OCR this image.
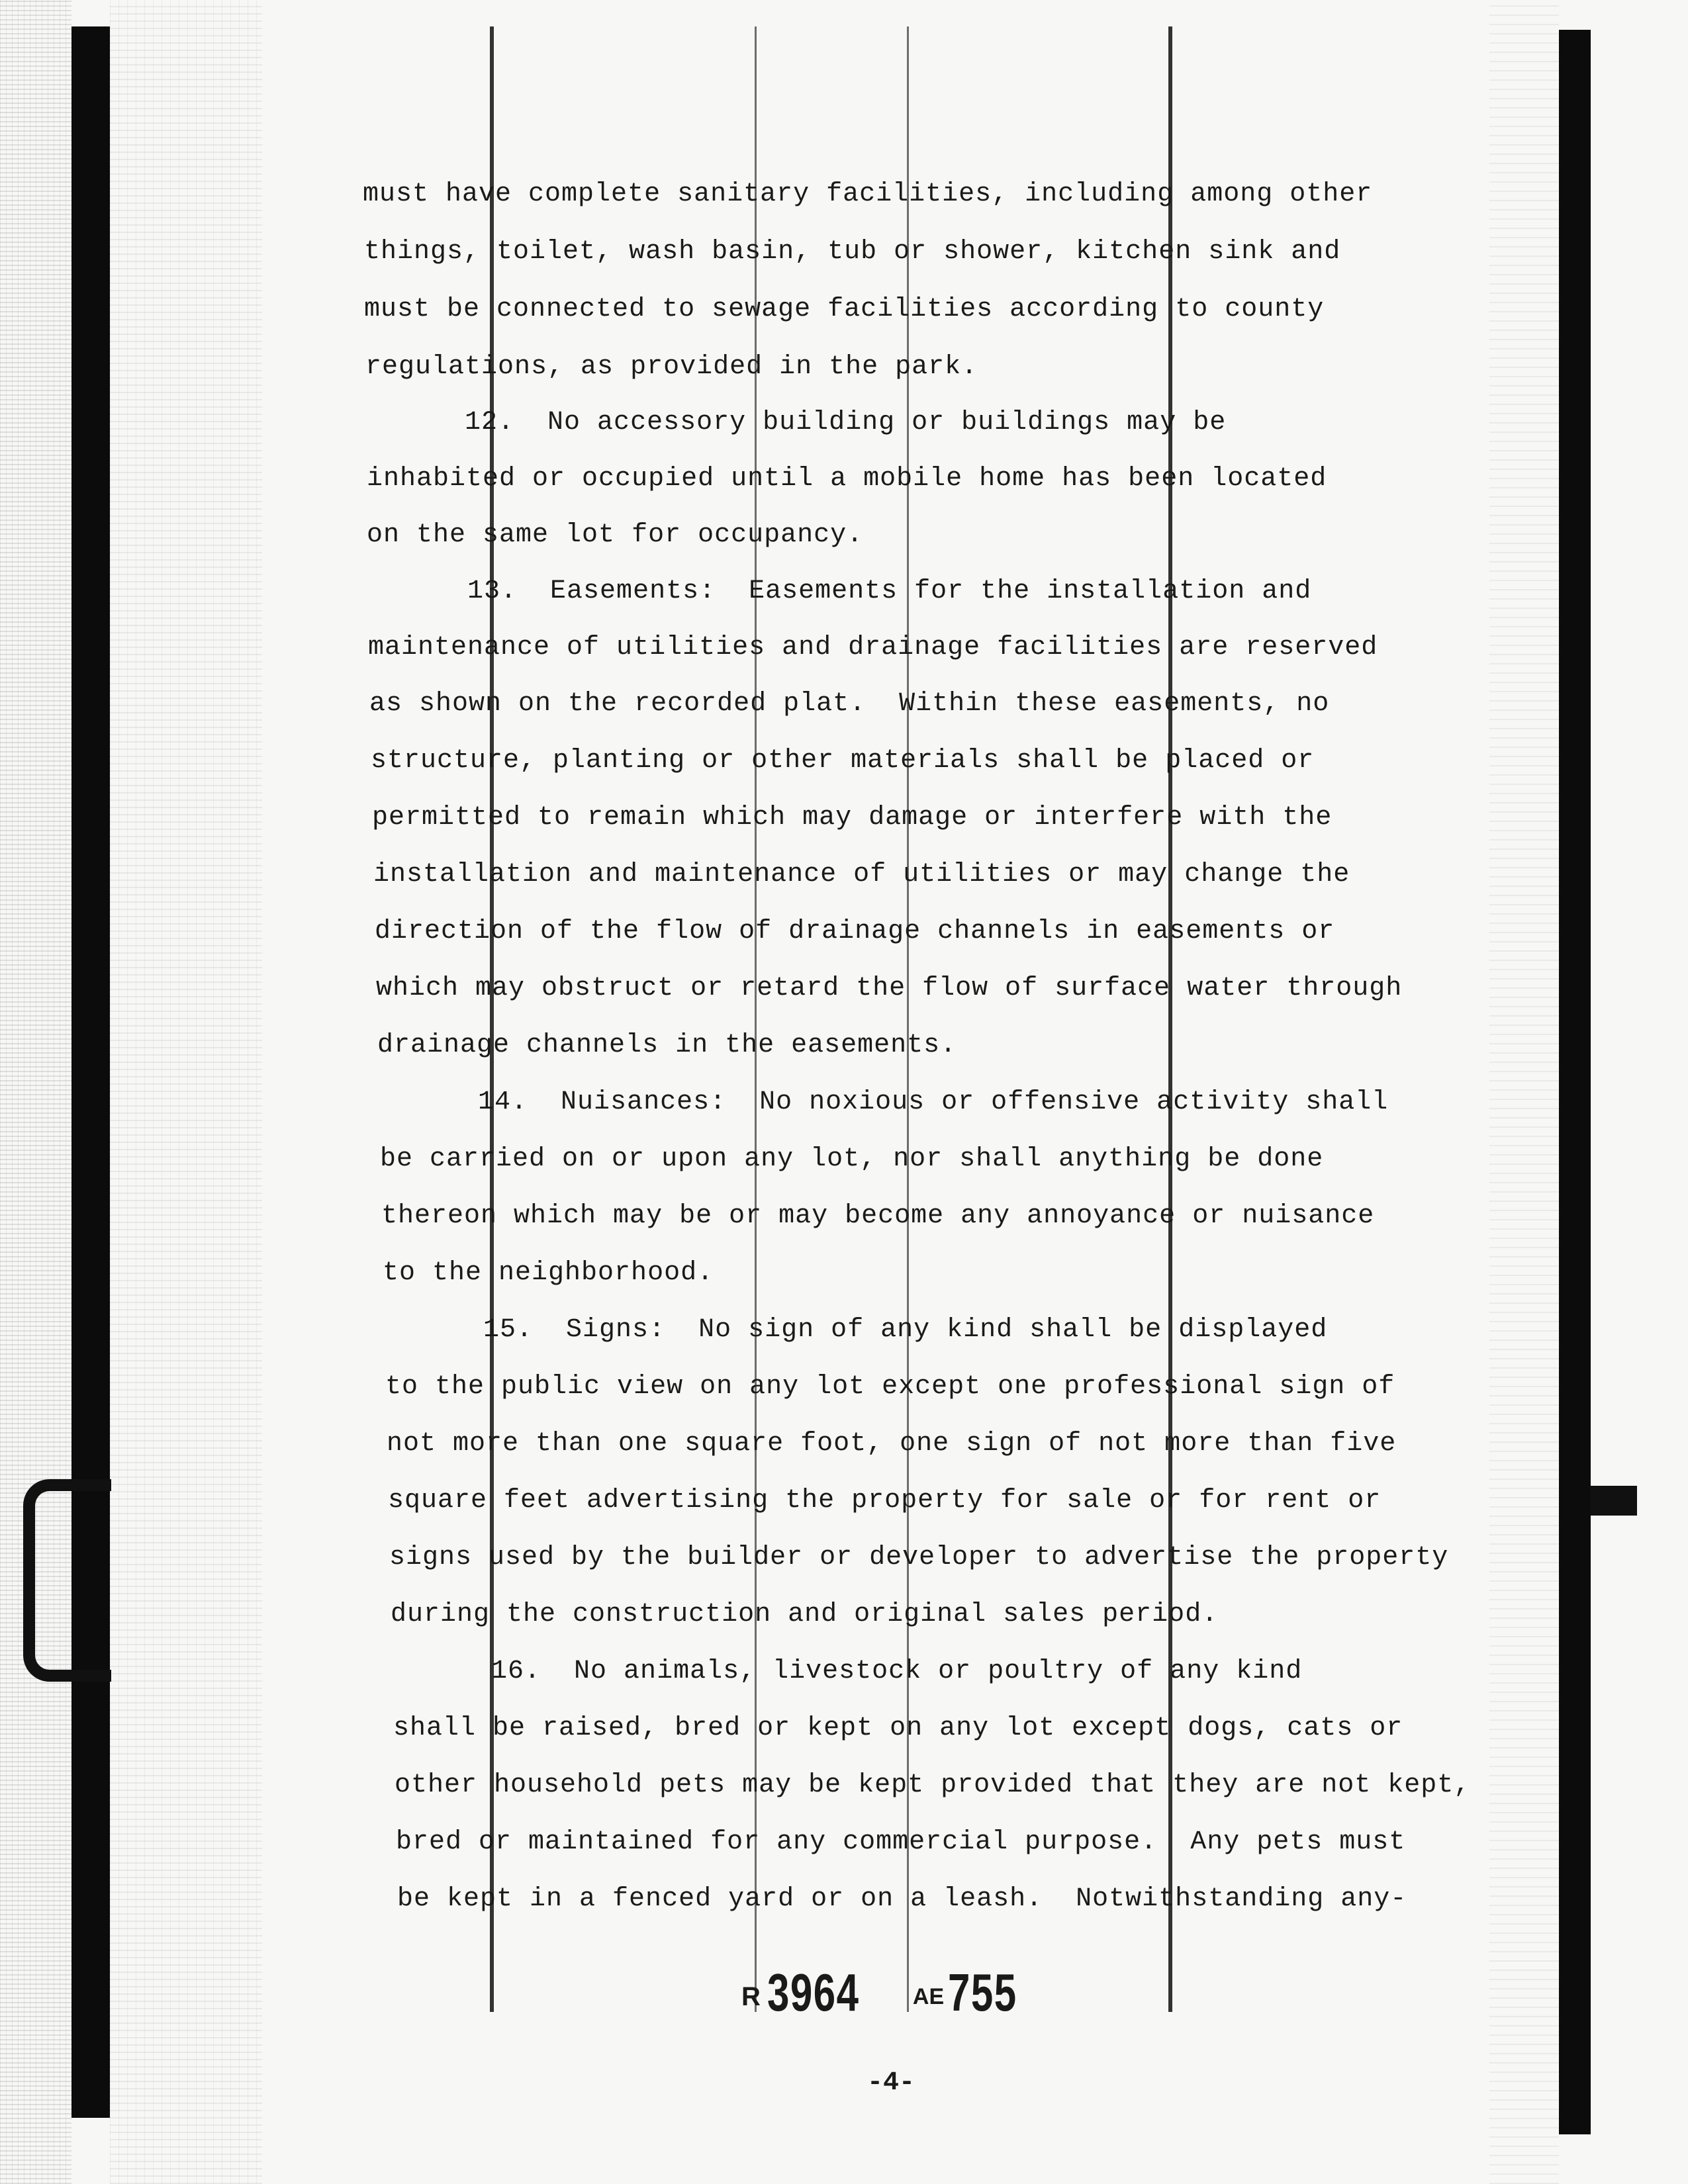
must have complete sanitary facilities, including among other
things, toilet, wash basin, tub or shower, kitchen sink and
must be connected to sewage facilities according to county
regulations, as provided in the park.
12.  No accessory building or buildings may be
inhabited or occupied until a mobile home has been located
on the same lot for occupancy.
13.  Easements:  Easements for the installation and
maintenance of utilities and drainage facilities are reserved
as shown on the recorded plat.  Within these easements, no
structure, planting or other materials shall be placed or
permitted to remain which may damage or interfere with the
installation and maintenance of utilities or may change the
direction of the flow of drainage channels in easements or
which may obstruct or retard the flow of surface water through
drainage channels in the easements.
14.  Nuisances:  No noxious or offensive activity shall
be carried on or upon any lot, nor shall anything be done
thereon which may be or may become any annoyance or nuisance
to the neighborhood.
15.  Signs:  No sign of any kind shall be displayed
to the public view on any lot except one professional sign of
not more than one square foot, one sign of not more than five
square feet advertising the property for sale or for rent or
signs used by the builder or developer to advertise the property
during the construction and original sales period.
16.  No animals, livestock or poultry of any kind
shall be raised, bred or kept on any lot except dogs, cats or
other household pets may be kept provided that they are not kept,
bred or maintained for any commercial purpose.  Any pets must
be kept in a fenced yard or on a leash.  Notwithstanding any-
R 3964 AE755
-4-
